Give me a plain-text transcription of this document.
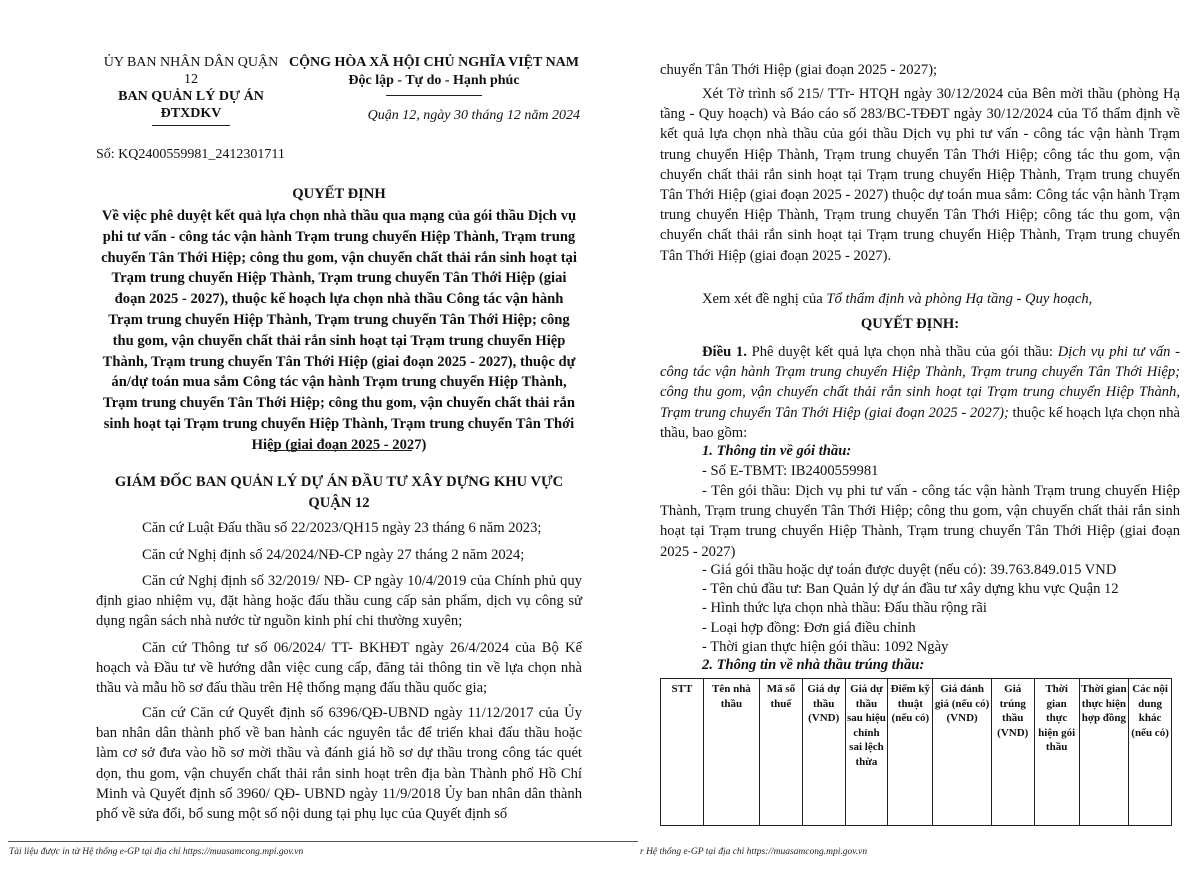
ỦY BAN NHÂN DÂN QUẬN
12
BAN QUẢN LÝ DỰ ÁN
ĐTXDKV
Số: KQ2400559981_2412301711
CỘNG HÒA XÃ HỘI CHỦ NGHĨA VIỆT NAM
Độc lập - Tự do - Hạnh phúc
Quận 12, ngày 30 tháng 12 năm 2024
QUYẾT ĐỊNH
Về việc phê duyệt kết quả lựa chọn nhà thầu qua mạng của gói thầu Dịch vụ phi tư vấn - công tác vận hành Trạm trung chuyển Hiệp Thành, Trạm trung chuyển Tân Thới Hiệp; công thu gom, vận chuyển chất thải rắn sinh hoạt tại Trạm trung chuyển Hiệp Thành, Trạm trung chuyển Tân Thới Hiệp (giai đoạn 2025 - 2027), thuộc kế hoạch lựa chọn nhà thầu Công tác vận hành Trạm trung chuyển Hiệp Thành, Trạm trung chuyển Tân Thới Hiệp; công thu gom, vận chuyển chất thải rắn sinh hoạt tại Trạm trung chuyển Hiệp Thành, Trạm trung chuyển Tân Thới Hiệp (giai đoạn 2025 - 2027), thuộc dự án/dự toán mua sắm Công tác vận hành Trạm trung chuyển Hiệp Thành, Trạm trung chuyển Tân Thới Hiệp; công thu gom, vận chuyển chất thải rắn sinh hoạt tại Trạm trung chuyển Hiệp Thành, Trạm trung chuyển Tân Thới Hiệp (giai đoạn 2025 - 2027)
GIÁM ĐỐC BAN QUẢN LÝ DỰ ÁN ĐẦU TƯ XÂY DỰNG KHU VỰC QUẬN 12
Căn cứ Luật Đấu thầu số 22/2023/QH15 ngày 23 tháng 6 năm 2023;
Căn cứ Nghị định số 24/2024/NĐ-CP ngày 27 tháng 2 năm 2024;
Căn cứ Nghị định số 32/2019/ NĐ- CP ngày 10/4/2019 của Chính phủ quy định giao nhiệm vụ, đặt hàng hoặc đấu thầu cung cấp sản phẩm, dịch vụ công sử dụng ngân sách nhà nước từ nguồn kinh phí chi thường xuyên;
Căn cứ Thông tư số 06/2024/ TT- BKHĐT ngày 26/4/2024 của Bộ Kế hoạch và Đầu tư về hướng dẫn việc cung cấp, đăng tải thông tin về lựa chọn nhà thầu và mẫu hồ sơ đấu thầu trên Hệ thống mạng đấu thầu quốc gia;
Căn cứ Căn cứ Quyết định số 6396/QĐ-UBND ngày 11/12/2017 của Ủy ban nhân dân thành phố về ban hành các nguyên tắc để triển khai đấu thầu hoặc làm cơ sở đưa vào hồ sơ mời thầu và đánh giá hồ sơ dự thầu trong công tác quét dọn, thu gom, vận chuyển chất thải rắn sinh hoạt trên địa bàn Thành phố Hồ Chí Minh và Quyết định số 3960/ QĐ- UBND ngày 11/9/2018 Ủy ban nhân dân thành phố về sửa đổi, bổ sung một số nội dung tại phụ lục của Quyết định số
Tài liệu được in từ Hệ thống e-GP tại địa chỉ https://muasamcong.mpi.gov.vn
chuyển Tân Thới Hiệp (giai đoạn 2025 - 2027);
Xét Tờ trình số 215/ TTr- HTQH ngày 30/12/2024 của Bên mời thầu (phòng Hạ tầng - Quy hoạch) và Báo cáo số 283/BC-TĐĐT ngày 30/12/2024 của Tổ thẩm định về kết quả lựa chọn nhà thầu của gói thầu Dịch vụ phi tư vấn - công tác vận hành Trạm trung chuyển Hiệp Thành, Trạm trung chuyển Tân Thới Hiệp; công tác thu gom, vận chuyển chất thải rắn sinh hoạt tại Trạm trung chuyển Hiệp Thành, Trạm trung chuyển Tân Thới Hiệp (giai đoạn 2025 - 2027) thuộc dự toán mua sắm: Công tác vận hành Trạm trung chuyển Hiệp Thành, Trạm trung chuyển Tân Thới Hiệp; công tác thu gom, vận chuyển chất thải rắn sinh hoạt tại Trạm trung chuyển Hiệp Thành, Trạm trung chuyển Tân Thới Hiệp (giai đoạn 2025 - 2027).
Xem xét đề nghị của Tổ thẩm định và phòng Hạ tầng - Quy hoạch,
QUYẾT ĐỊNH:
Điều 1. Phê duyệt kết quả lựa chọn nhà thầu của gói thầu: Dịch vụ phi tư vấn - công tác vận hành Trạm trung chuyển Hiệp Thành, Trạm trung chuyển Tân Thới Hiệp; công thu gom, vận chuyển chất thải rắn sinh hoạt tại Trạm trung chuyển Hiệp Thành, Trạm trung chuyển Tân Thới Hiệp (giai đoạn 2025 - 2027); thuộc kế hoạch lựa chọn nhà thầu, bao gồm:
1. Thông tin về gói thầu:
- Số E-TBMT: IB2400559981
- Tên gói thầu: Dịch vụ phi tư vấn - công tác vận hành Trạm trung chuyển Hiệp Thành, Trạm trung chuyển Tân Thới Hiệp; công thu gom, vận chuyển chất thải rắn sinh hoạt tại Trạm trung chuyển Hiệp Thành, Trạm trung chuyển Tân Thới Hiệp (giai đoạn 2025 - 2027)
- Giá gói thầu hoặc dự toán được duyệt (nếu có): 39.763.849.015 VND
- Tên chủ đầu tư: Ban Quản lý dự án đầu tư xây dựng khu vực Quận 12
- Hình thức lựa chọn nhà thầu: Đấu thầu rộng rãi
- Loại hợp đồng: Đơn giá điều chỉnh
- Thời gian thực hiện gói thầu: 1092 Ngày
2. Thông tin về nhà thầu trúng thầu:
STT	Tên nhà thầu	Mã số thuế	Giá dự thầu (VND)	Giá dự thầu sau hiệu chỉnh sai lệch thừa	Điểm kỹ thuật (nếu có)	Giá đánh giá (nếu có) (VND)	Giá trúng thầu (VND)	Thời gian thực hiện gói thầu	Thời gian thực hiện hợp đồng	Các nội dung khác (nếu có)
r Hệ thống e-GP tại địa chỉ https://muasamcong.mpi.gov.vn
